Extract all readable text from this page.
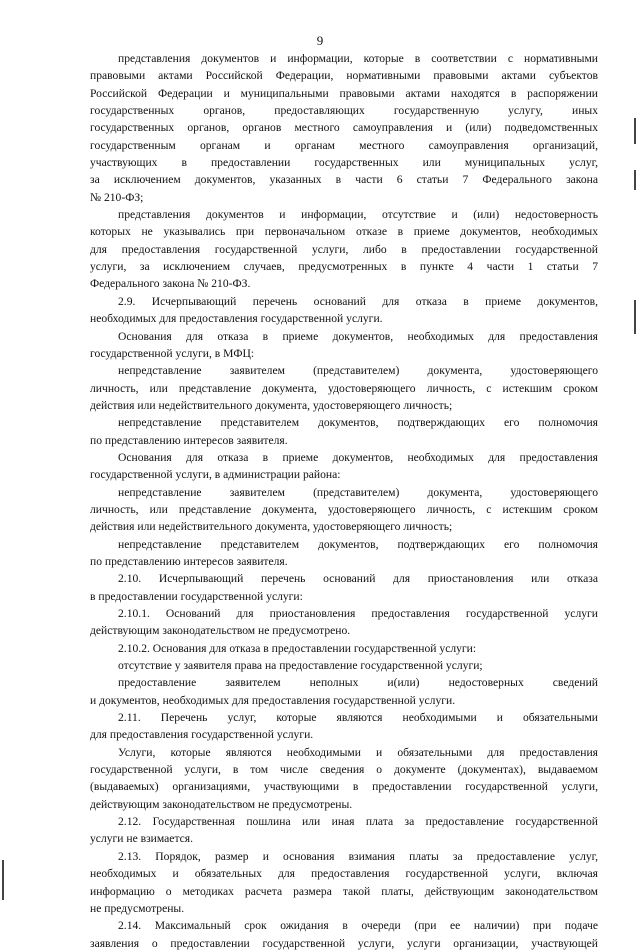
9
представления документов и информации, которые в соответствии с нормативными
правовыми актами Российской Федерации, нормативными правовыми актами субъектов
Российской Федерации и муниципальными правовыми актами находятся в распоряжении
государственных органов, предоставляющих государственную услугу, иных
государственных органов, органов местного самоуправления и (или) подведомственных
государственным органам и органам местного самоуправления организаций,
участвующих в предоставлении государственных или муниципальных услуг,
за исключением документов, указанных в части 6 статьи 7 Федерального закона
№ 210-ФЗ;
представления документов и информации, отсутствие и (или) недостоверность
которых не указывались при первоначальном отказе в приеме документов, необходимых
для предоставления государственной услуги, либо в предоставлении государственной
услуги, за исключением случаев, предусмотренных в пункте 4 части 1 статьи 7
Федерального закона № 210-ФЗ.
2.9. Исчерпывающий перечень оснований для отказа в приеме документов,
необходимых для предоставления государственной услуги.
Основания для отказа в приеме документов, необходимых для предоставления
государственной услуги, в МФЦ:
непредставление заявителем (представителем) документа, удостоверяющего
личность, или представление документа, удостоверяющего личность, с истекшим сроком
действия или недействительного документа, удостоверяющего личность;
непредставление представителем документов, подтверждающих его полномочия
по представлению интересов заявителя.
Основания для отказа в приеме документов, необходимых для предоставления
государственной услуги, в администрации района:
непредставление заявителем (представителем) документа, удостоверяющего
личность, или представление документа, удостоверяющего личность, с истекшим сроком
действия или недействительного документа, удостоверяющего личность;
непредставление представителем документов, подтверждающих его полномочия
по представлению интересов заявителя.
2.10. Исчерпывающий перечень оснований для приостановления или отказа
в предоставлении государственной услуги:
2.10.1. Оснований для приостановления предоставления государственной услуги
действующим законодательством не предусмотрено.
2.10.2. Основания для отказа в предоставлении государственной услуги:
отсутствие у заявителя права на предоставление государственной услуги;
предоставление заявителем неполных и(или) недостоверных сведений
и документов, необходимых для предоставления государственной услуги.
2.11. Перечень услуг, которые являются необходимыми и обязательными
для предоставления государственной услуги.
Услуги, которые являются необходимыми и обязательными для предоставления
государственной услуги, в том числе сведения о документе (документах), выдаваемом
(выдаваемых) организациями, участвующими в предоставлении государственной услуги,
действующим законодательством не предусмотрены.
2.12. Государственная пошлина или иная плата за предоставление государственной
услуги не взимается.
2.13. Порядок, размер и основания взимания платы за предоставление услуг,
необходимых и обязательных для предоставления государственной услуги, включая
информацию о методиках расчета размера такой платы, действующим законодательством
не предусмотрены.
2.14. Максимальный срок ожидания в очереди (при ее наличии) при подаче
заявления о предоставлении государственной услуги, услуги организации, участвующей
